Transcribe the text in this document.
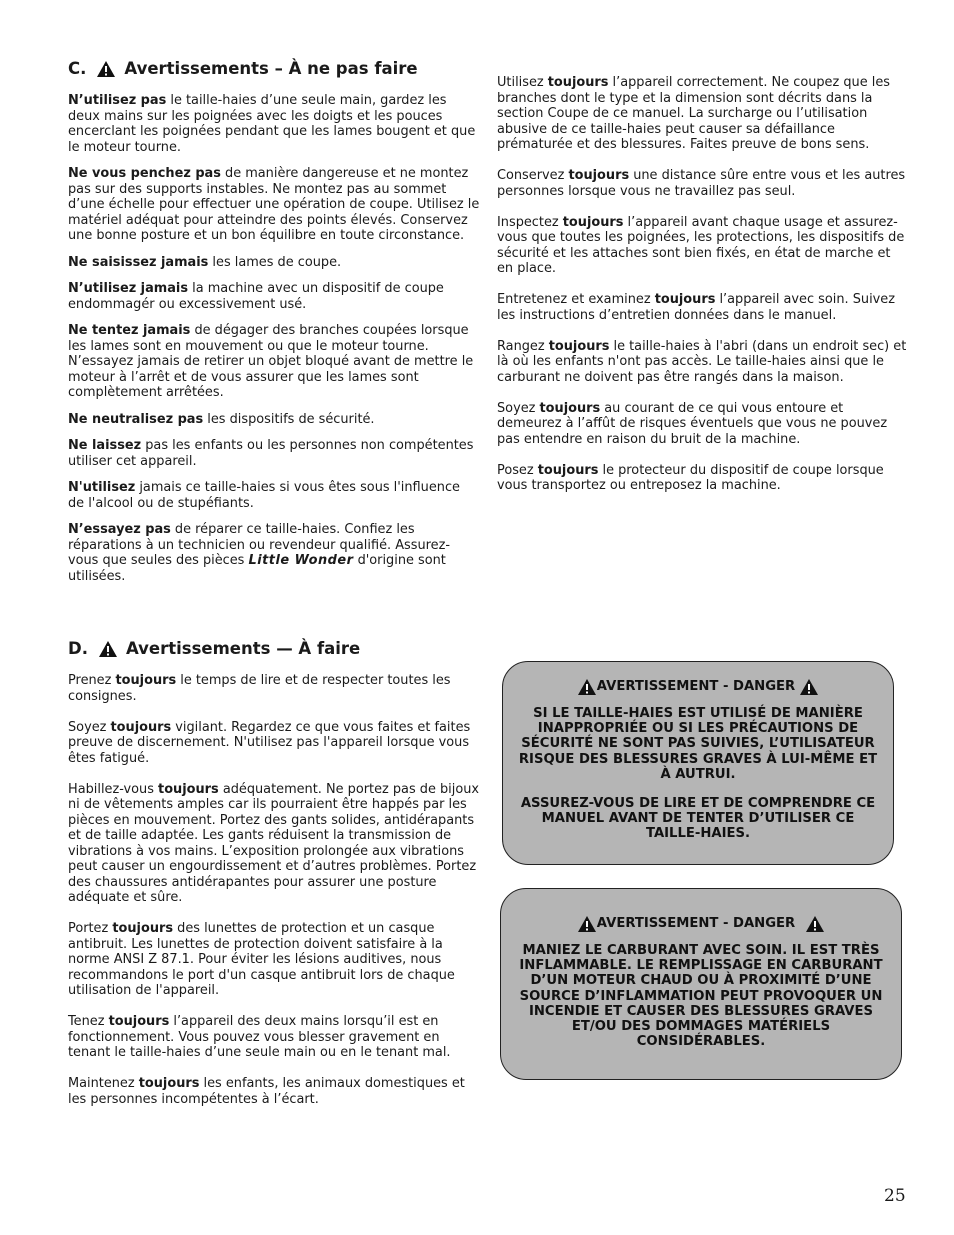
C. Avertissements – À ne pas faire

N’utilisez pas le taille-haies d’une seule main, gardez les deux mains sur les poignées avec les doigts et les pouces encerclant les poignées pendant que les lames bougent et que le moteur tourne.

Ne vous penchez pas de manière dangereuse et ne montez pas sur des supports instables. Ne montez pas au sommet d’une échelle pour effectuer une opération de coupe. Utilisez le matériel adéquat pour atteindre des points élevés. Conservez une bonne posture et un bon équilibre en toute circonstance.

Ne saisissez jamais les lames de coupe.

N’utilisez jamais la machine avec un dispositif de coupe endommagér ou excessivement usé.

Ne tentez jamais de dégager des branches coupées lorsque les lames sont en mouvement ou que le moteur tourne. N’essayez jamais de retirer un objet bloqué avant de mettre le moteur à l’arrêt et de vous assurer que les lames sont complètement arrêtées.

Ne neutralisez pas les dispositifs de sécurité.

Ne laissez pas les enfants ou les personnes non compétentes utiliser cet appareil.

N'utilisez jamais ce taille-haies si vous êtes sous l'influence de l'alcool ou de stupéfiants.

N’essayez pas de réparer ce taille-haies. Confiez les réparations à un technicien ou revendeur qualifié. Assurez-vous que seules des pièces Little Wonder d'origine sont utilisées.

Utilisez toujours l’appareil correctement. Ne coupez que les branches dont le type et la dimension sont décrits dans la section Coupe de ce manuel. La surcharge ou l’utilisation abusive de ce taille-haies peut causer sa défaillance prématurée et des blessures. Faites preuve de bons sens.

Conservez toujours une distance sûre entre vous et les autres personnes lorsque vous ne travaillez pas seul.

Inspectez toujours l’appareil avant chaque usage et assurez-vous que toutes les poignées, les protections, les dispositifs de sécurité et les attaches sont bien fixés, en état de marche et en place.

Entretenez et examinez toujours l’appareil avec soin. Suivez les instructions d’entretien données dans le manuel.

Rangez toujours le taille-haies à l'abri (dans un endroit sec) et là où les enfants n'ont pas accès. Le taille-haies ainsi que le carburant ne doivent pas être rangés dans la maison.

Soyez toujours au courant de ce qui vous entoure et demeurez à l’affût de risques éventuels que vous ne pouvez pas entendre en raison du bruit de la machine.

Posez toujours le protecteur du dispositif de coupe lorsque vous transportez ou entreposez la machine.

D. Avertissements — À faire

Prenez toujours le temps de lire et de respecter toutes les consignes.

Soyez toujours vigilant. Regardez ce que vous faites et faites preuve de discernement. N'utilisez pas l'appareil lorsque vous êtes fatigué.

Habillez-vous toujours adéquatement. Ne portez pas de bijoux ni de vêtements amples car ils pourraient être happés par les pièces en mouvement. Portez des gants solides, antidérapants et de taille adaptée. Les gants réduisent la transmission de vibrations à vos mains. L’exposition prolongée aux vibrations peut causer un engourdissement et d’autres problèmes. Portez des chaussures antidérapantes pour assurer une posture adéquate et sûre.

Portez toujours des lunettes de protection et un casque antibruit. Les lunettes de protection doivent satisfaire à la norme ANSI Z 87.1. Pour éviter les lésions auditives, nous recommandons le port d'un casque antibruit lors de chaque utilisation de l'appareil.

Tenez toujours l’appareil des deux mains lorsqu’il est en fonctionnement. Vous pouvez vous blesser gravement en tenant le taille-haies d’une seule main ou en le tenant mal.

Maintenez toujours les enfants, les animaux domestiques et les personnes incompétentes à l’écart.

AVERTISSEMENT - DANGER
SI LE TAILLE-HAIES EST UTILISÉ DE MANIÈRE INAPPROPRIÉE OU SI LES PRÉCAUTIONS DE SÉCURITÉ NE SONT PAS SUIVIES, L’UTILISATEUR RISQUE DES BLESSURES GRAVES À LUI-MÊME ET À AUTRUI.
ASSUREZ-VOUS DE LIRE ET DE COMPRENDRE CE MANUEL AVANT DE TENTER D’UTILISER CE TAILLE-HAIES.
AVERTISSEMENT - DANGER
MANIEZ LE CARBURANT AVEC SOIN. IL EST TRÈS INFLAMMABLE. LE REMPLISSAGE EN CARBURANT D’UN MOTEUR CHAUD OU À PROXIMITÉ D’UNE SOURCE D’INFLAMMATION PEUT PROVOQUER UN INCENDIE ET CAUSER DES BLESSURES GRAVES ET/OU DES DOMMAGES MATÉRIELS CONSIDÉRABLES.
25
